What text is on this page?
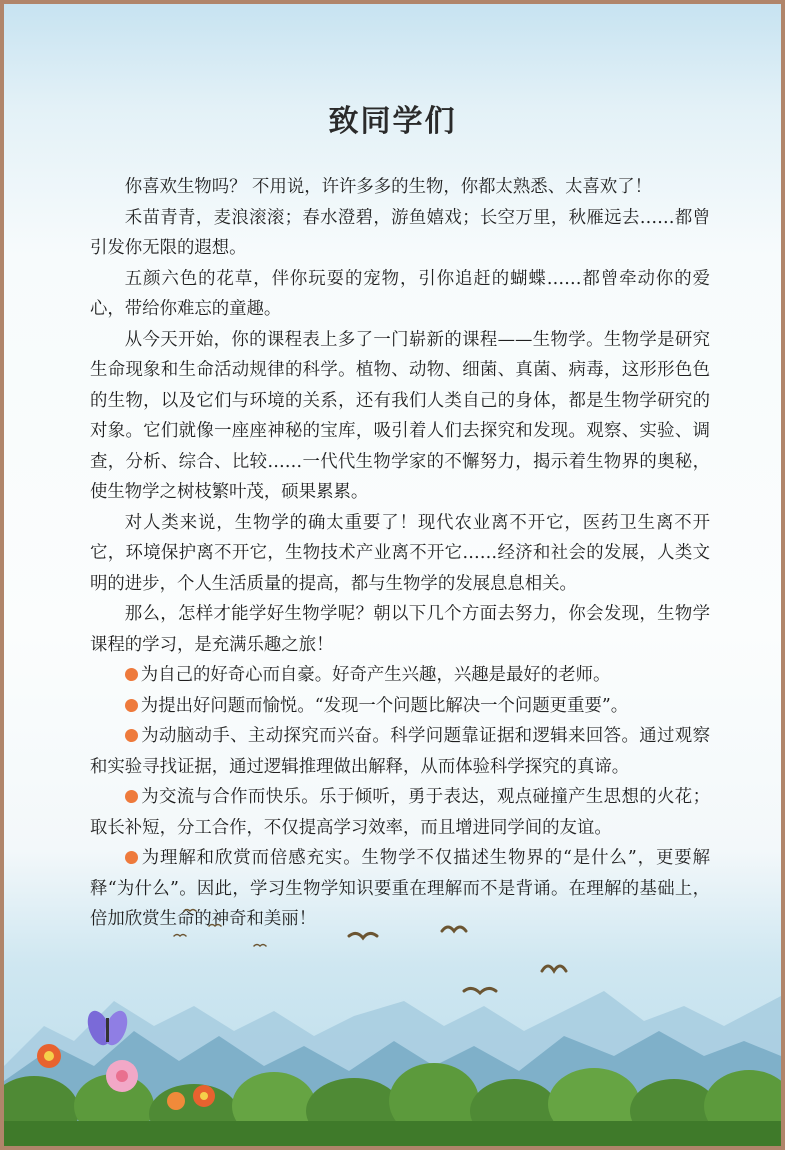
致同学们

你喜欢生物吗？ 不用说，许许多多的生物，你都太熟悉、太喜欢了！

禾苗青青，麦浪滚滚；春水澄碧，游鱼嬉戏；长空万里，秋雁远去……都曾引发你无限的遐想。

五颜六色的花草，伴你玩耍的宠物，引你追赶的蝴蝶……都曾牵动你的爱心，带给你难忘的童趣。

从今天开始，你的课程表上多了一门崭新的课程——生物学。生物学是研究生命现象和生命活动规律的科学。植物、动物、细菌、真菌、病毒，这形形色色的生物，以及它们与环境的关系，还有我们人类自己的身体，都是生物学研究的对象。它们就像一座座神秘的宝库，吸引着人们去探究和发现。观察、实验、调查，分析、综合、比较……一代代生物学家的不懈努力，揭示着生物界的奥秘，使生物学之树枝繁叶茂，硕果累累。

对人类来说，生物学的确太重要了！现代农业离不开它，医药卫生离不开它，环境保护离不开它，生物技术产业离不开它……经济和社会的发展，人类文明的进步，个人生活质量的提高，都与生物学的发展息息相关。

那么，怎样才能学好生物学呢？朝以下几个方面去努力，你会发现，生物学课程的学习，是充满乐趣之旅！

为自己的好奇心而自豪。好奇产生兴趣，兴趣是最好的老师。

为提出好问题而愉悦。“发现一个问题比解决一个问题更重要”。

为动脑动手、主动探究而兴奋。科学问题靠证据和逻辑来回答。通过观察和实验寻找证据，通过逻辑推理做出解释，从而体验科学探究的真谛。

为交流与合作而快乐。乐于倾听，勇于表达，观点碰撞产生思想的火花；取长补短，分工合作，不仅提高学习效率，而且增进同学间的友谊。

为理解和欣赏而倍感充实。生物学不仅描述生物界的“是什么”，更要解释“为什么”。因此，学习生物学知识要重在理解而不是背诵。在理解的基础上，倍加欣赏生命的神奇和美丽！
